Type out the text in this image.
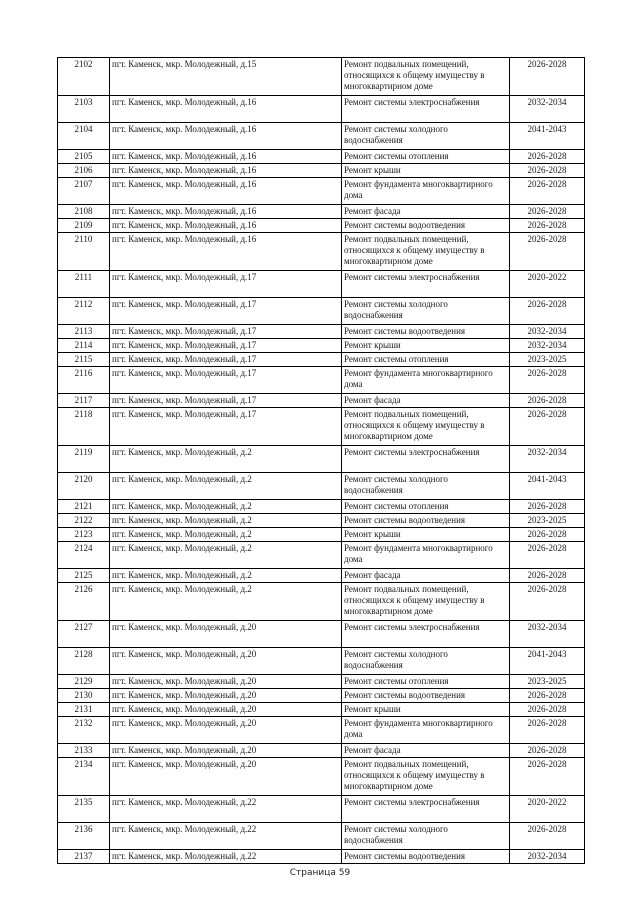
2102	пгт. Каменск, мкр. Молодежный, д.15	Ремонт подвальных помещений, относящихся к общему имуществу в многоквартирном доме	2026-2028
2103	пгт. Каменск, мкр. Молодежный, д.16	Ремонт системы электроснабжения	2032-2034
2104	пгт. Каменск, мкр. Молодежный, д.16	Ремонт системы холодного водоснабжения	2041-2043
2105	пгт. Каменск, мкр. Молодежный, д.16	Ремонт системы отопления	2026-2028
2106	пгт. Каменск, мкр. Молодежный, д.16	Ремонт крыши	2026-2028
2107	пгт. Каменск, мкр. Молодежный, д.16	Ремонт фундамента многоквартирного дома	2026-2028
2108	пгт. Каменск, мкр. Молодежный, д.16	Ремонт фасада	2026-2028
2109	пгт. Каменск, мкр. Молодежный, д.16	Ремонт системы водоотведения	2026-2028
2110	пгт. Каменск, мкр. Молодежный, д.16	Ремонт подвальных помещений, относящихся к общему имуществу в многоквартирном доме	2026-2028
2111	пгт. Каменск, мкр. Молодежный, д.17	Ремонт системы электроснабжения	2020-2022
2112	пгт. Каменск, мкр. Молодежный, д.17	Ремонт системы холодного водоснабжения	2026-2028
2113	пгт. Каменск, мкр. Молодежный, д.17	Ремонт системы водоотведения	2032-2034
2114	пгт. Каменск, мкр. Молодежный, д.17	Ремонт крыши	2032-2034
2115	пгт. Каменск, мкр. Молодежный, д.17	Ремонт системы отопления	2023-2025
2116	пгт. Каменск, мкр. Молодежный, д.17	Ремонт фундамента многоквартирного дома	2026-2028
2117	пгт. Каменск, мкр. Молодежный, д.17	Ремонт фасада	2026-2028
2118	пгт. Каменск, мкр. Молодежный, д.17	Ремонт подвальных помещений, относящихся к общему имуществу в многоквартирном доме	2026-2028
2119	пгт. Каменск, мкр. Молодежный, д.2	Ремонт системы электроснабжения	2032-2034
2120	пгт. Каменск, мкр. Молодежный, д.2	Ремонт системы холодного водоснабжения	2041-2043
2121	пгт. Каменск, мкр. Молодежный, д.2	Ремонт системы отопления	2026-2028
2122	пгт. Каменск, мкр. Молодежный, д.2	Ремонт системы водоотведения	2023-2025
2123	пгт. Каменск, мкр. Молодежный, д.2	Ремонт крыши	2026-2028
2124	пгт. Каменск, мкр. Молодежный, д.2	Ремонт фундамента многоквартирного дома	2026-2028
2125	пгт. Каменск, мкр. Молодежный, д.2	Ремонт фасада	2026-2028
2126	пгт. Каменск, мкр. Молодежный, д.2	Ремонт подвальных помещений, относящихся к общему имуществу в многоквартирном доме	2026-2028
2127	пгт. Каменск, мкр. Молодежный, д.20	Ремонт системы электроснабжения	2032-2034
2128	пгт. Каменск, мкр. Молодежный, д.20	Ремонт системы холодного водоснабжения	2041-2043
2129	пгт. Каменск, мкр. Молодежный, д.20	Ремонт системы отопления	2023-2025
2130	пгт. Каменск, мкр. Молодежный, д.20	Ремонт системы водоотведения	2026-2028
2131	пгт. Каменск, мкр. Молодежный, д.20	Ремонт крыши	2026-2028
2132	пгт. Каменск, мкр. Молодежный, д.20	Ремонт фундамента многоквартирного дома	2026-2028
2133	пгт. Каменск, мкр. Молодежный, д.20	Ремонт фасада	2026-2028
2134	пгт. Каменск, мкр. Молодежный, д.20	Ремонт подвальных помещений, относящихся к общему имуществу в многоквартирном доме	2026-2028
2135	пгт. Каменск, мкр. Молодежный, д.22	Ремонт системы электроснабжения	2020-2022
2136	пгт. Каменск, мкр. Молодежный, д.22	Ремонт системы холодного водоснабжения	2026-2028
2137	пгт. Каменск, мкр. Молодежный, д.22	Ремонт системы водоотведения	2032-2034
Страница 59
